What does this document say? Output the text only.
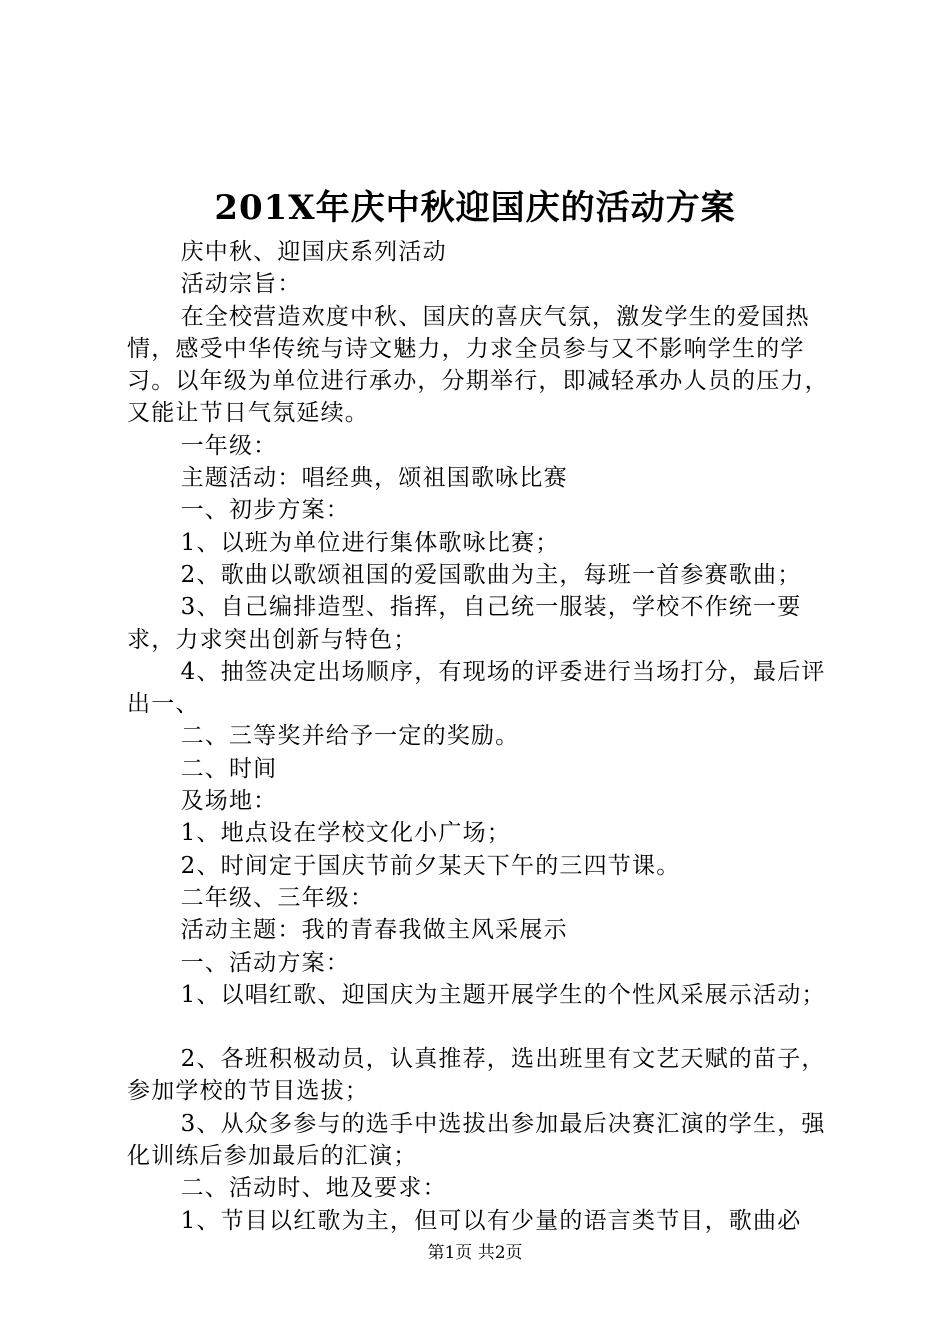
201X年庆中秋迎国庆的活动方案

庆中秋、迎国庆系列活动

活动宗旨：

在全校营造欢度中秋、国庆的喜庆气氛，激发学生的爱国热情，感受中华传统与诗文魅力，力求全员参与又不影响学生的学习。以年级为单位进行承办，分期举行，即减轻承办人员的压力，又能让节日气氛延续。

一年级：

主题活动：唱经典，颂祖国歌咏比赛

一、初步方案：

1、以班为单位进行集体歌咏比赛；

2、歌曲以歌颂祖国的爱国歌曲为主，每班一首参赛歌曲；

3、自己编排造型、指挥，自己统一服装，学校不作统一要求，力求突出创新与特色；

4、抽签决定出场顺序，有现场的评委进行当场打分，最后评出一、

二、三等奖并给予一定的奖励。

二、时间

及场地：

1、地点设在学校文化小广场；

2、时间定于国庆节前夕某天下午的三四节课。

二年级、三年级：

活动主题：我的青春我做主风采展示

一、活动方案：

1、以唱红歌、迎国庆为主题开展学生的个性风采展示活动；

2、各班积极动员，认真推荐，选出班里有文艺天赋的苗子，参加学校的节目选拔；

3、从众多参与的选手中选拔出参加最后决赛汇演的学生，强化训练后参加最后的汇演；

二、活动时、地及要求：

1、节目以红歌为主，但可以有少量的语言类节目，歌曲必

第1页 共2页
